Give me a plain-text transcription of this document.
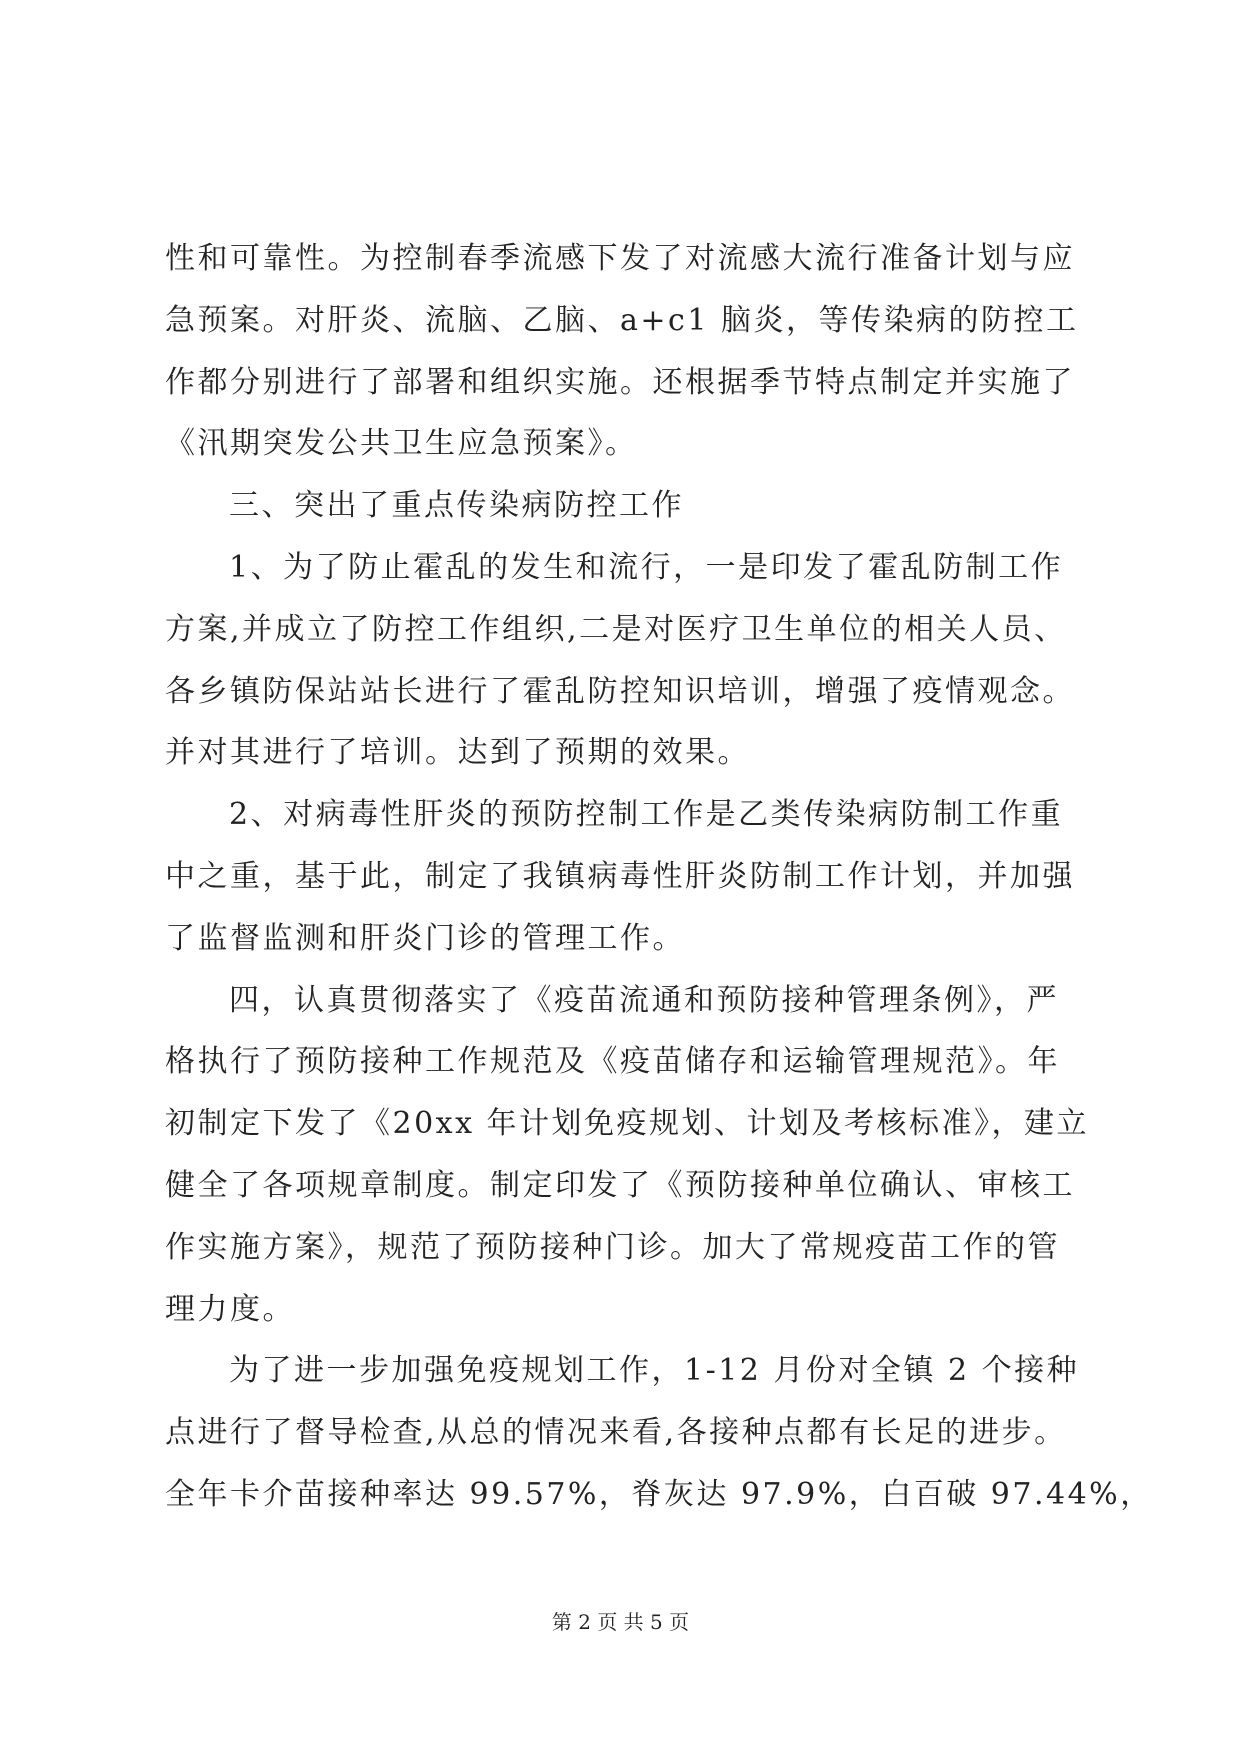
性和可靠性。为控制春季流感下发了对流感大流行准备计划与应
急预案。对肝炎、流脑、乙脑、a+c1 脑炎，等传染病的防控工
作都分别进行了部署和组织实施。还根据季节特点制定并实施了
《汛期突发公共卫生应急预案》。
三、突出了重点传染病防控工作
1、为了防止霍乱的发生和流行，一是印发了霍乱防制工作
方案,并成立了防控工作组织,二是对医疗卫生单位的相关人员、
各乡镇防保站站长进行了霍乱防控知识培训，增强了疫情观念。
并对其进行了培训。达到了预期的效果。
2、对病毒性肝炎的预防控制工作是乙类传染病防制工作重
中之重，基于此，制定了我镇病毒性肝炎防制工作计划，并加强
了监督监测和肝炎门诊的管理工作。
四，认真贯彻落实了《疫苗流通和预防接种管理条例》，严
格执行了预防接种工作规范及《疫苗储存和运输管理规范》。年
初制定下发了《20xx 年计划免疫规划、计划及考核标准》，建立
健全了各项规章制度。制定印发了《预防接种单位确认、审核工
作实施方案》，规范了预防接种门诊。加大了常规疫苗工作的管
理力度。
为了进一步加强免疫规划工作，1-12 月份对全镇 2 个接种
点进行了督导检查,从总的情况来看,各接种点都有长足的进步。
全年卡介苗接种率达 99.57%，脊灰达 97.9%，白百破 97.44%，
第 2 页 共 5 页
